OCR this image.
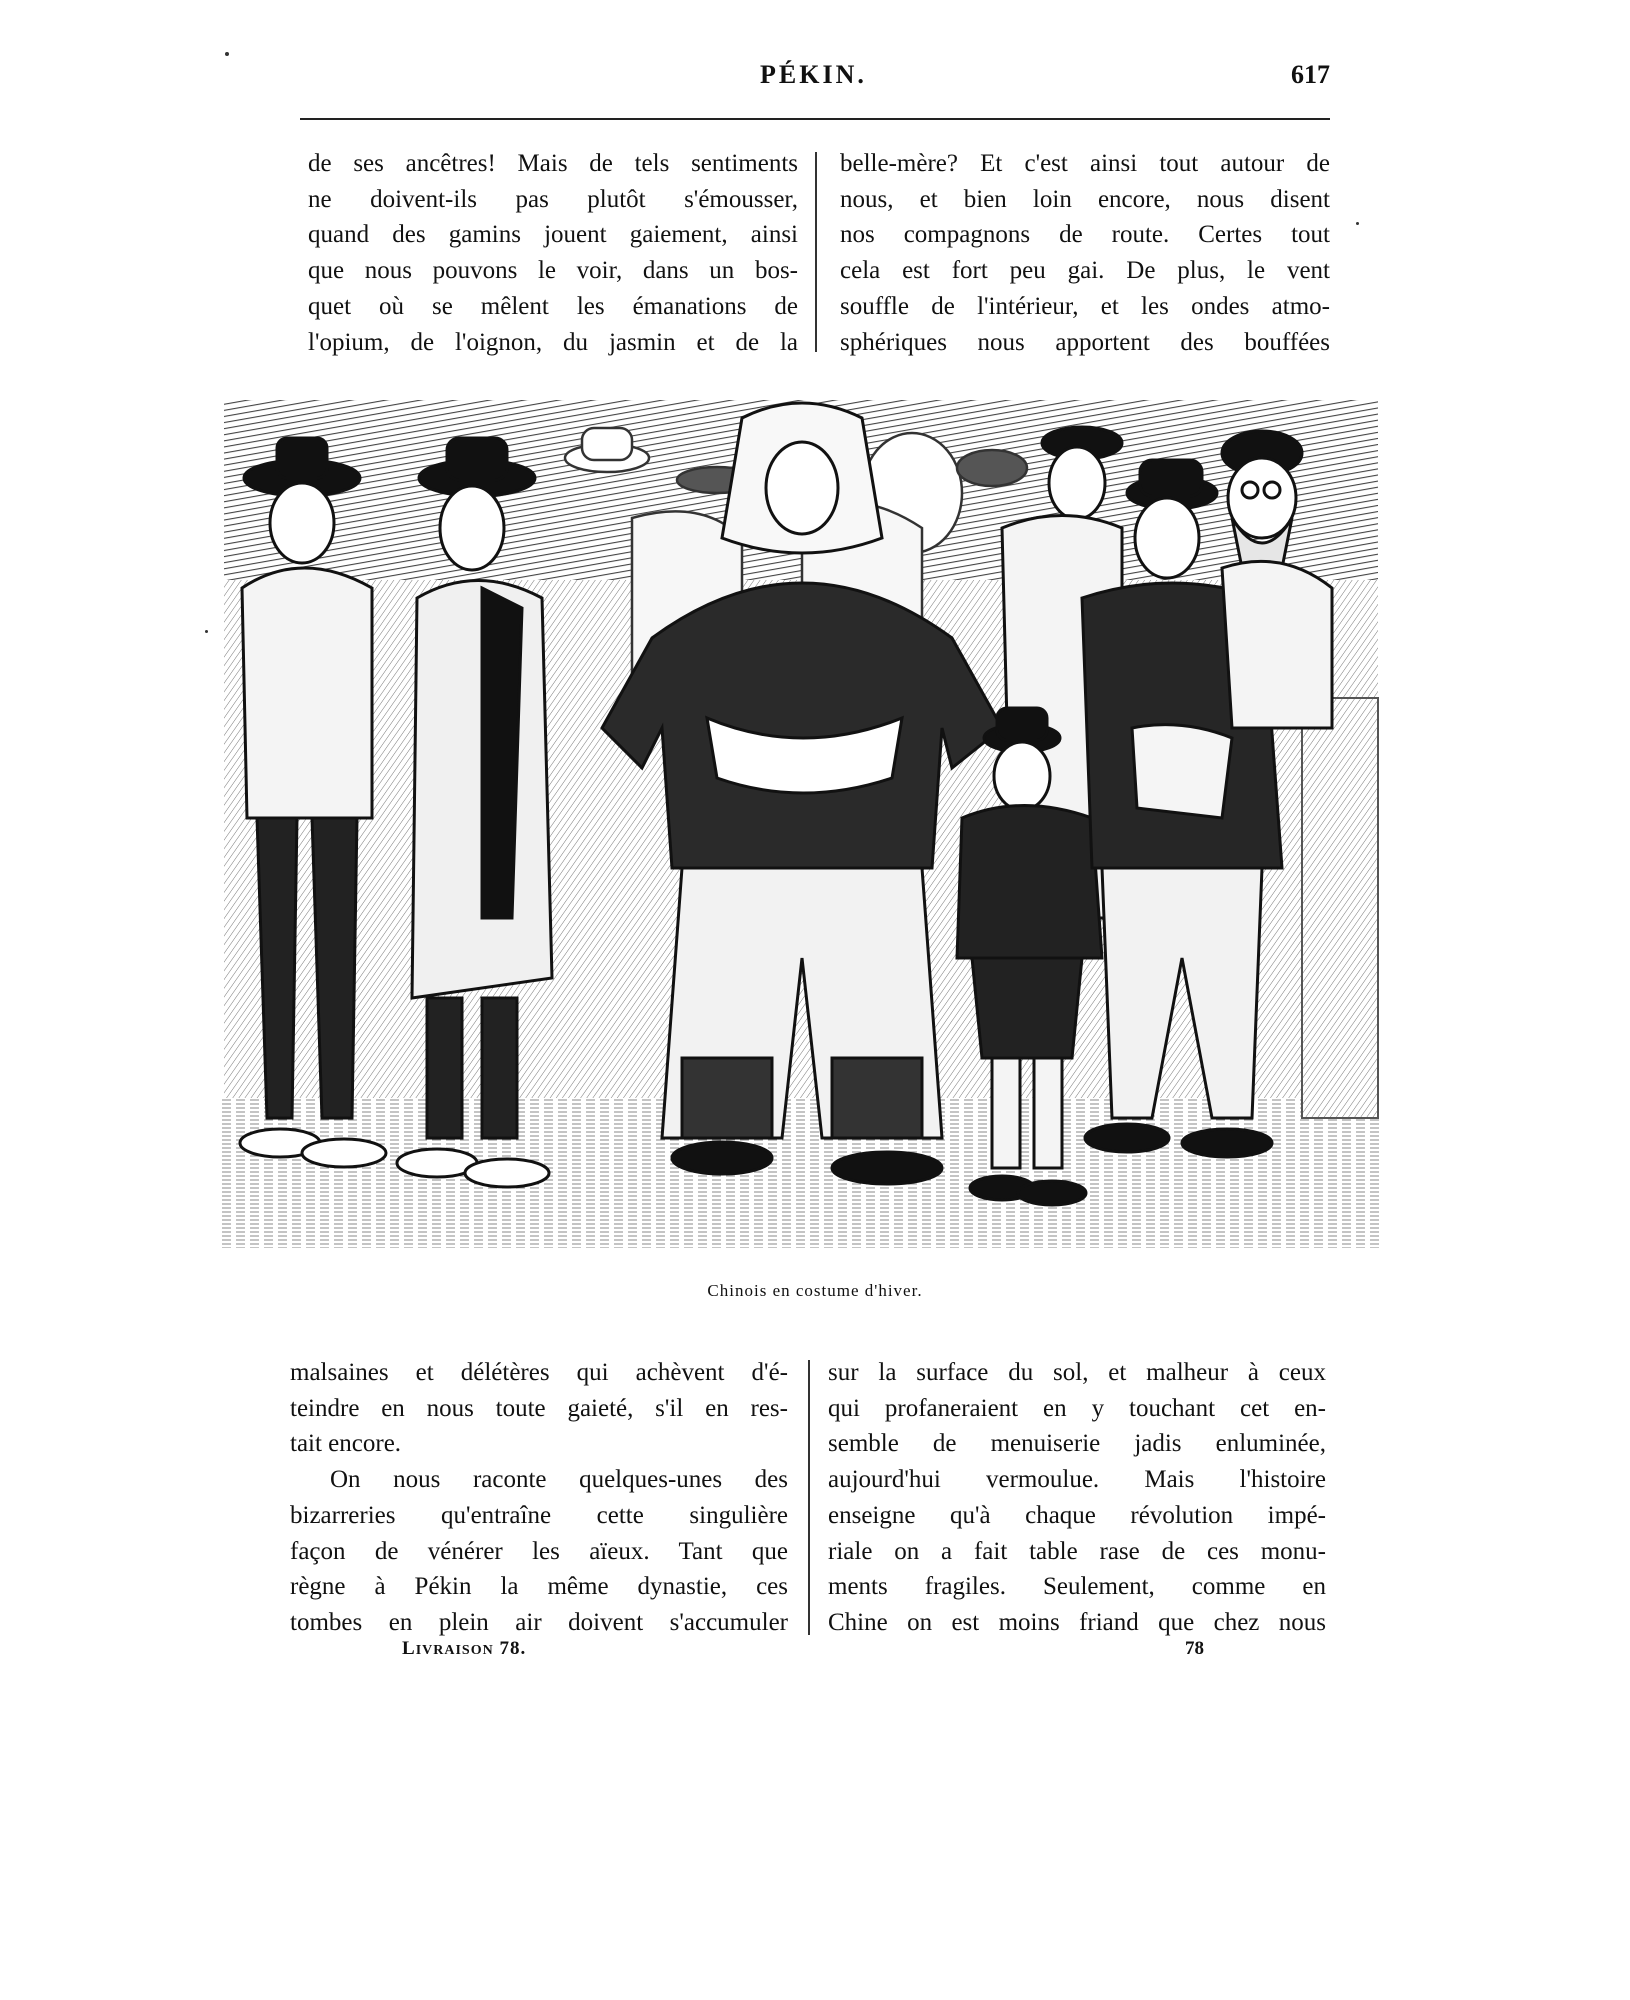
PÉKIN.	617
de ses ancêtres! Mais de tels sentiments
ne doivent-ils pas plutôt s'émousser,
quand des gamins jouent gaiement, ainsi
que nous pouvons le voir, dans un bos-
quet où se mêlent les émanations de
l'opium, de l'oignon, du jasmin et de la
belle-mère? Et c'est ainsi tout autour de
nous, et bien loin encore, nous disent
nos compagnons de route. Certes tout
cela est fort peu gai. De plus, le vent
souffle de l'intérieur, et les ondes atmo-
sphériques nous apportent des bouffées
Chinois en costume d'hiver.
malsaines et délétères qui achèvent d'é-
teindre en nous toute gaieté, s'il en res-
tait encore.
On nous raconte quelques-unes des
bizarreries qu'entraîne cette singulière
façon de vénérer les aïeux. Tant que
règne à Pékin la même dynastie, ces
tombes en plein air doivent s'accumuler
sur la surface du sol, et malheur à ceux
qui profaneraient en y touchant cet en-
semble de menuiserie jadis enluminée,
aujourd'hui vermoulue. Mais l'histoire
enseigne qu'à chaque révolution impé-
riale on a fait table rase de ces monu-
ments fragiles. Seulement, comme en
Chine on est moins friand que chez nous
LIVRAISON 78.	78
